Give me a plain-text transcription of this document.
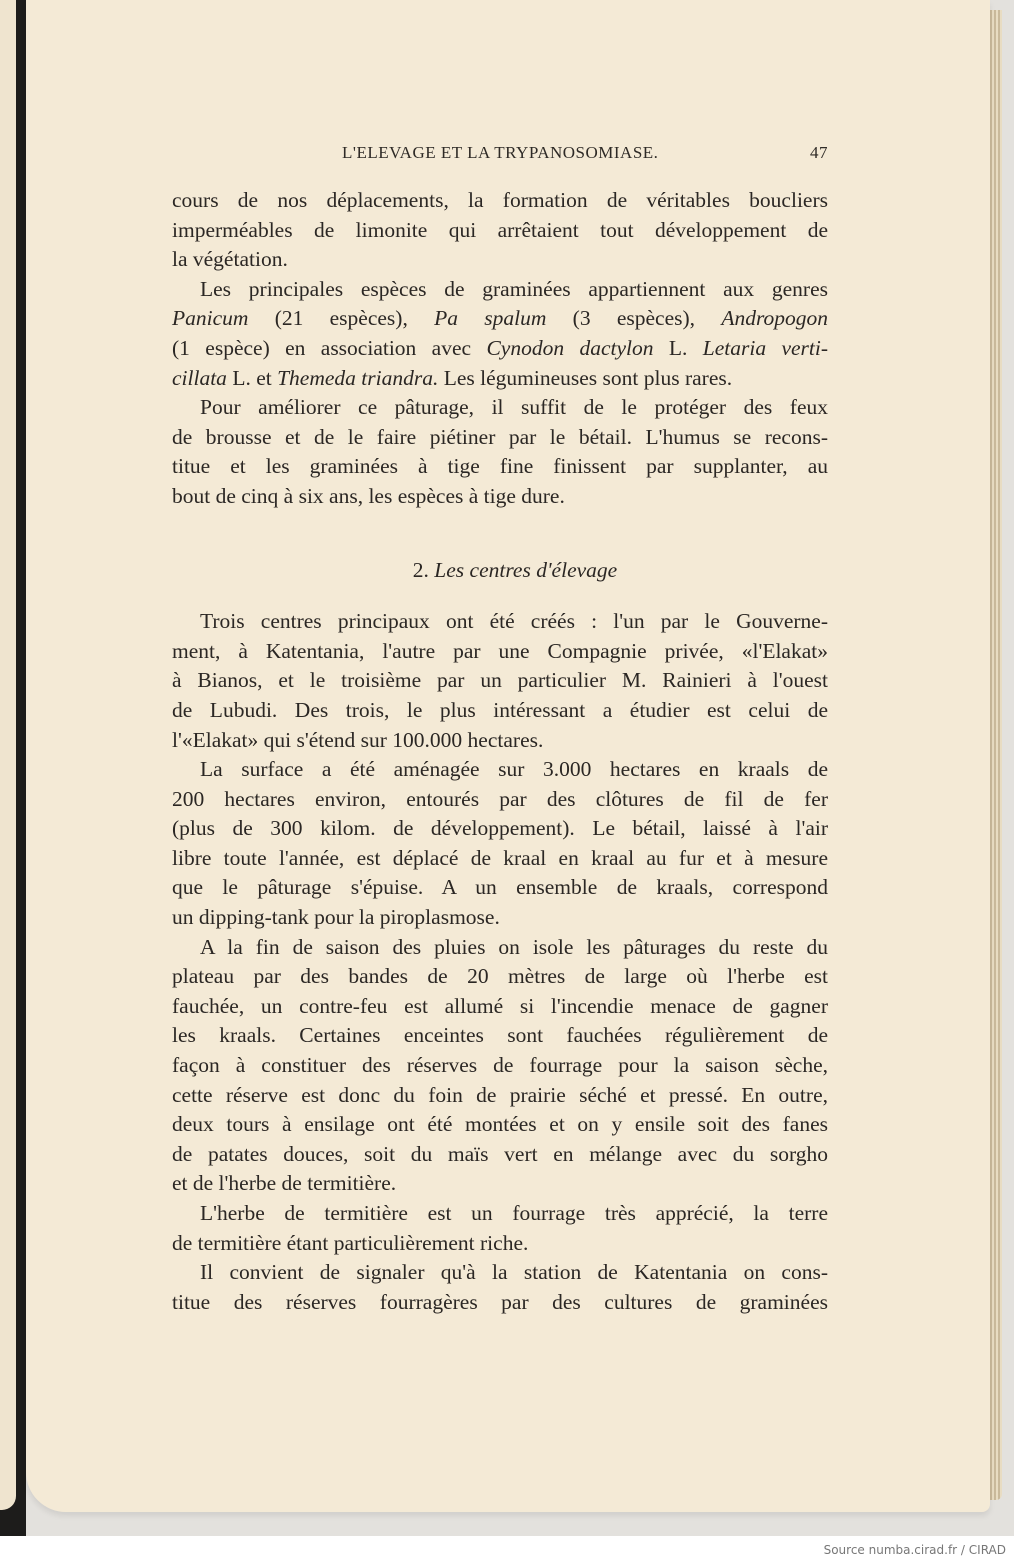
L'ELEVAGE ET LA TRYPANOSOMIASE.	47
cours de nos déplacements, la formation de véritables boucliers
imperméables de limonite qui arrêtaient tout développement de
la végétation.
Les principales espèces de graminées appartiennent aux genres
Panicum (21 espèces), Pa spalum (3 espèces), Andropogon
(1 espèce) en association avec Cynodon dactylon L. Letaria verti-
cillata L. et Themeda triandra. Les légumineuses sont plus rares.
Pour améliorer ce pâturage, il suffit de le protéger des feux
de brousse et de le faire piétiner par le bétail. L'humus se recons-
titue et les graminées à tige fine finissent par supplanter, au
bout de cinq à six ans, les espèces à tige dure.
2. Les centres d'élevage
Trois centres principaux ont été créés : l'un par le Gouverne-
ment, à Katentania, l'autre par une Compagnie privée, «l'Elakat»
à Bianos, et le troisième par un particulier M. Rainieri à l'ouest
de Lubudi. Des trois, le plus intéressant a étudier est celui de
l'«Elakat» qui s'étend sur 100.000 hectares.
La surface a été aménagée sur 3.000 hectares en kraals de
200 hectares environ, entourés par des clôtures de fil de fer
(plus de 300 kilom. de développement). Le bétail, laissé à l'air
libre toute l'année, est déplacé de kraal en kraal au fur et à mesure
que le pâturage s'épuise. A un ensemble de kraals, correspond
un dipping-tank pour la piroplasmose.
A la fin de saison des pluies on isole les pâturages du reste du
plateau par des bandes de 20 mètres de large où l'herbe est
fauchée, un contre-feu est allumé si l'incendie menace de gagner
les kraals. Certaines enceintes sont fauchées régulièrement de
façon à constituer des réserves de fourrage pour la saison sèche,
cette réserve est donc du foin de prairie séché et pressé. En outre,
deux tours à ensilage ont été montées et on y ensile soit des fanes
de patates douces, soit du maïs vert en mélange avec du sorgho
et de l'herbe de termitière.
L'herbe de termitière est un fourrage très apprécié, la terre
de termitière étant particulièrement riche.
Il convient de signaler qu'à la station de Katentania on cons-
titue des réserves fourragères par des cultures de graminées
Source numba.cirad.fr / CIRAD
